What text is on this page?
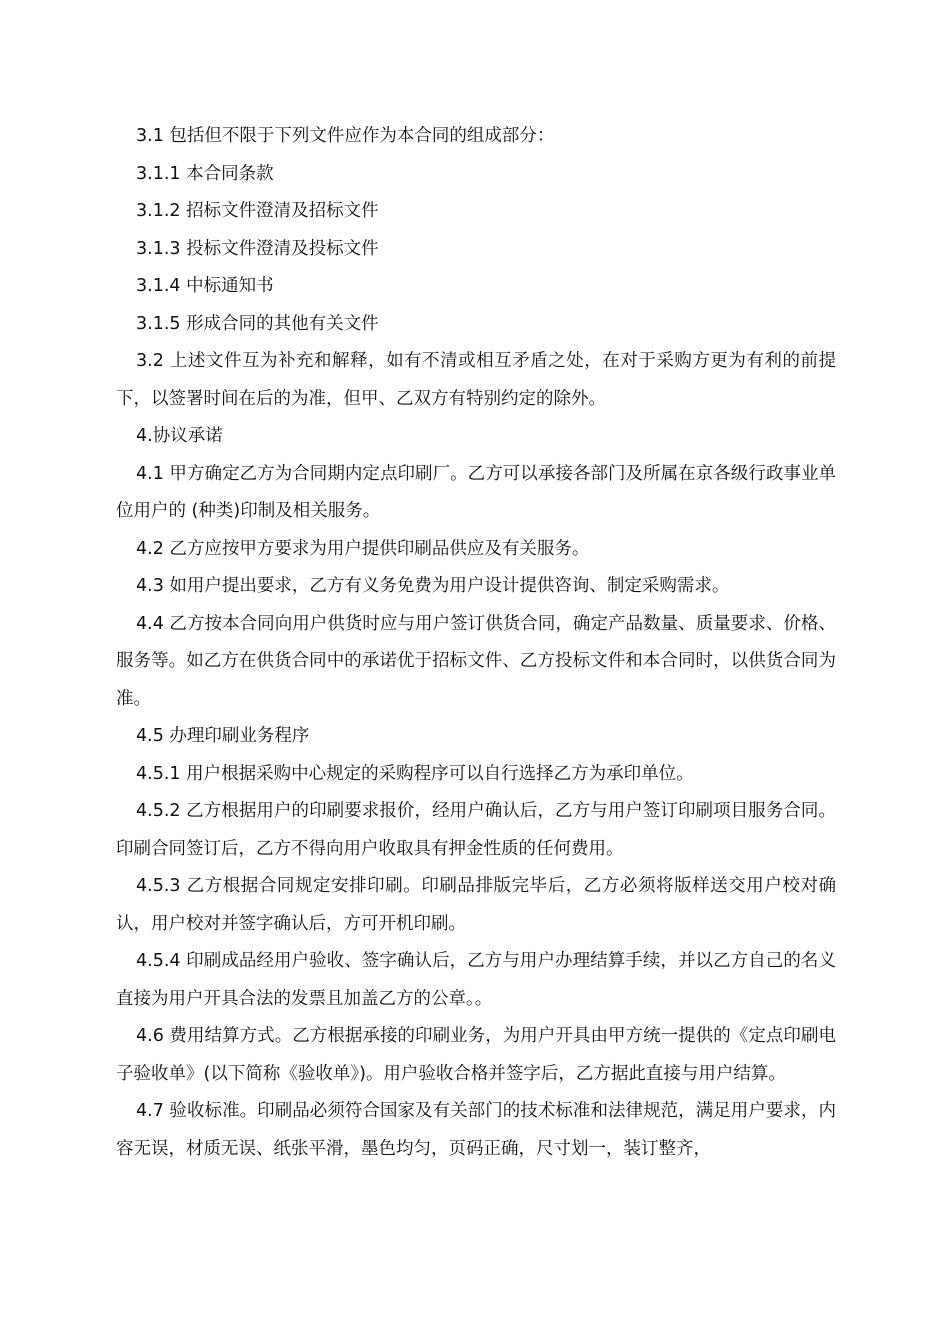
3.1 包括但不限于下列文件应作为本合同的组成部分：

3.1.1 本合同条款

3.1.2 招标文件澄清及招标文件

3.1.3 投标文件澄清及投标文件

3.1.4 中标通知书

3.1.5 形成合同的其他有关文件

3.2 上述文件互为补充和解释，如有不清或相互矛盾之处，在对于采购方更为有利的前提下，以签署时间在后的为准，但甲、乙双方有特别约定的除外。

4.协议承诺

4.1 甲方确定乙方为合同期内定点印刷厂。乙方可以承接各部门及所属在京各级行政事业单位用户的 (种类)印制及相关服务。

4.2 乙方应按甲方要求为用户提供印刷品供应及有关服务。

4.3 如用户提出要求，乙方有义务免费为用户设计提供咨询、制定采购需求。

4.4 乙方按本合同向用户供货时应与用户签订供货合同，确定产品数量、质量要求、价格、服务等。如乙方在供货合同中的承诺优于招标文件、乙方投标文件和本合同时，以供货合同为准。

4.5 办理印刷业务程序

4.5.1 用户根据采购中心规定的采购程序可以自行选择乙方为承印单位。

4.5.2 乙方根据用户的印刷要求报价，经用户确认后，乙方与用户签订印刷项目服务合同。印刷合同签订后，乙方不得向用户收取具有押金性质的任何费用。

4.5.3 乙方根据合同规定安排印刷。印刷品排版完毕后，乙方必须将版样送交用户校对确认，用户校对并签字确认后，方可开机印刷。

4.5.4 印刷成品经用户验收、签字确认后，乙方与用户办理结算手续，并以乙方自己的名义直接为用户开具合法的发票且加盖乙方的公章。。

4.6 费用结算方式。乙方根据承接的印刷业务，为用户开具由甲方统一提供的《定点印刷电子验收单》(以下简称《验收单》)。用户验收合格并签字后，乙方据此直接与用户结算。

4.7 验收标准。印刷品必须符合国家及有关部门的技术标准和法律规范，满足用户要求，内容无误，材质无误、纸张平滑，墨色均匀，页码正确，尺寸划一，装订整齐，
